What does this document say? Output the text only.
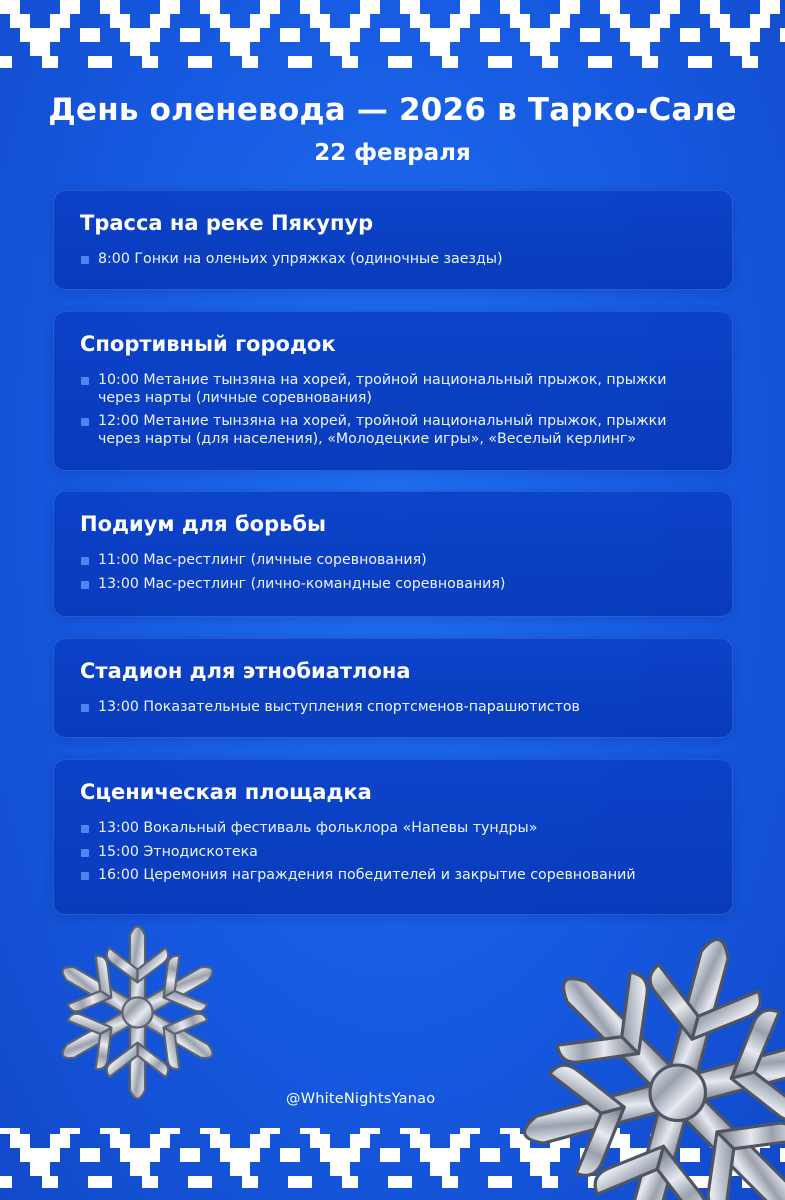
День оленевода — 2026 в Тарко-Сале
22 февраля
Трасса на реке Пякупур
8:00 Гонки на оленьих упряжках (одиночные заезды)
Спортивный городок
10:00 Метание тынзяна на хорей, тройной национальный прыжок, прыжки через нарты (личные соревнования)
12:00 Метание тынзяна на хорей, тройной национальный прыжок, прыжки через нарты (для населения), «Молодецкие игры», «Веселый керлинг»
Подиум для борьбы
11:00 Мас-рестлинг (личные соревнования)
13:00 Мас-рестлинг (лично-командные соревнования)
Стадион для этнобиатлона
13:00 Показательные выступления спортсменов-парашютистов
Сценическая площадка
13:00 Вокальный фестиваль фольклора «Напевы тундры»
15:00 Этнодискотека
16:00 Церемония награждения победителей и закрытие соревнований
@WhiteNightsYanao
